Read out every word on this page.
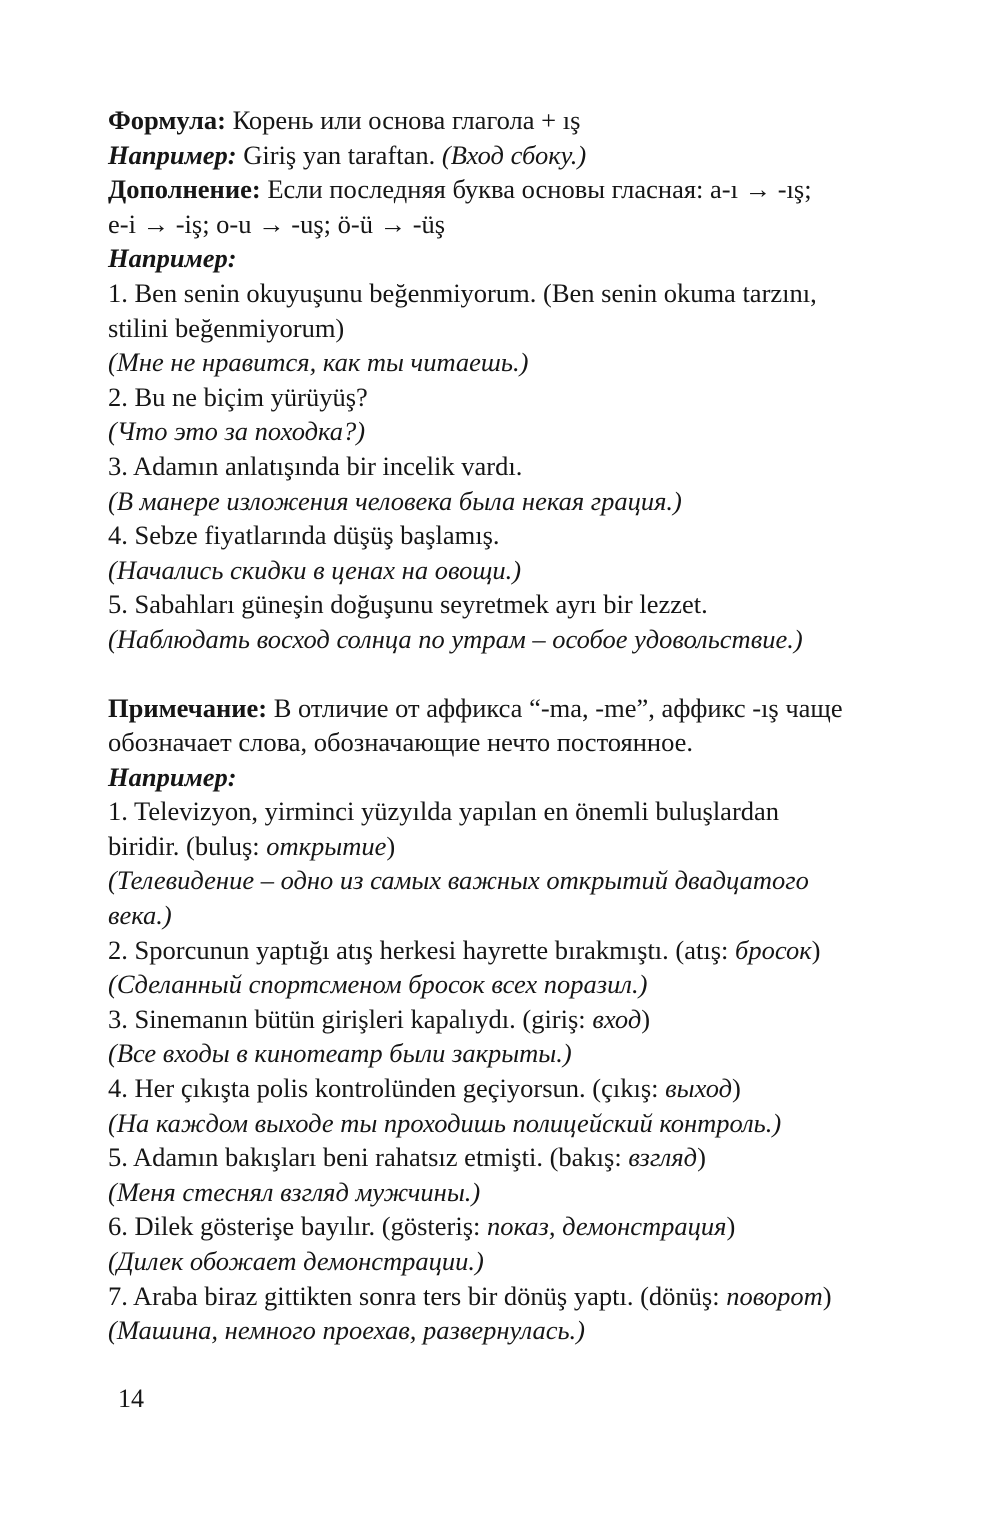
Формула: Корень или основа глагола + ış
Например: Giriş yan taraftan. (Вход сбоку.)
Дополнение: Если последняя буква основы гласная: a-ı → -ış;
e-i → -iş; o-u → -uş; ö-ü → -üş
Например:
1. Ben senin okuyuşunu beğenmiyorum. (Ben senin okuma tarzını,
stilini beğenmiyorum)
(Мне не нравится, как ты читаешь.)
2. Bu ne biçim yürüyüş?
(Что это за походка?)
3. Adamın anlatışında bir incelik vardı.
(В манере изложения человека была некая грация.)
4. Sebze fiyatlarında düşüş başlamış.
(Начались скидки в ценах на овощи.)
5. Sabahları güneşin doğuşunu seyretmek ayrı bir lezzet.
(Наблюдать восход солнца по утрам – особое удовольствие.)
Примечание: В отличие от аффикса “-ma, -me”, аффикс -ış чаще
обозначает слова, обозначающие нечто постоянное.
Например:
1. Televizyon, yirminci yüzyılda yapılan en önemli buluşlardan
biridir. (buluş: открытие)
(Телевидение – одно из самых важных открытий двадцатого
века.)
2. Sporcunun yaptığı atış herkesi hayrette bırakmıştı. (atış: бросок)
(Сделанный спортсменом бросок всех поразил.)
3. Sinemanın bütün girişleri kapalıydı. (giriş: вход)
(Все входы в кинотеатр были закрыты.)
4. Her çıkışta polis kontrolünden geçiyorsun. (çıkış: выход)
(На каждом выходе ты проходишь полицейский контроль.)
5. Adamın bakışları beni rahatsız etmişti. (bakış: взгляд)
(Меня стеснял взгляд мужчины.)
6. Dilek gösterişe bayılır. (gösteriş: показ, демонстрация)
(Дилек обожает демонстрации.)
7. Araba biraz gittikten sonra ters bir dönüş yaptı. (dönüş: поворот)
(Машина, немного проехав, развернулась.)
14
